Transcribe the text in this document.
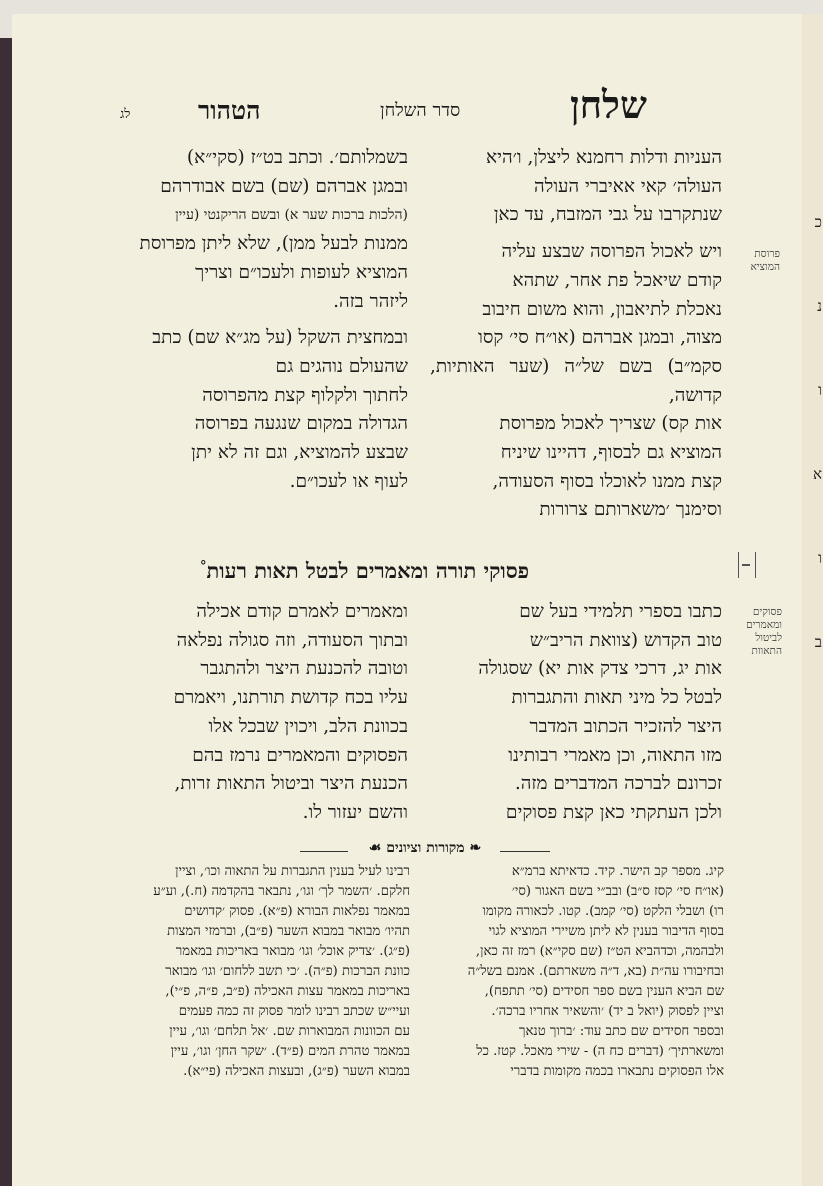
כ
נ
ו
א
ו
ב
שלחן
סדר השלחן
הטהור
לג
פרוסת המוציא
פסוקים ומאמרים לביטול התאוות

העניות ודלות רחמנא ליצלן, ו׳היא

העולה׳ קאי אאיברי העולה

שנתקרבו על גבי המזבח, עד כאן

ויש לאכול הפרוסה שבצע עליה

קודם שיאכל פת אחר, שתהא

נאכלת לתיאבון, והוא משום חיבוב

מצוה, ובמגן אברהם (או״ח סי׳ קסו

סקמ״ב) בשם של״ה (שער האותיות, קדושה,

אות קס) שצריך לאכול מפרוסת

המוציא גם לבסוף, דהיינו שיניח

קצת ממנו לאוכלו בסוף הסעודה,

וסימנך ׳משארותם צרורות

בשמלותם׳. וכתב בט״ז (סקי״א)

ובמגן אברהם (שם) בשם אבודרהם

(הלכות ברכות שער א) ובשם הריקנטי (עיין

ממנות לבעל ממן), שלא ליתן מפרוסת

המוציא לעופות ולעכו״ם וצריך

ליזהר בזה.

ובמחצית השקל (על מג״א שם) כתב

שהעולם נוהגים גם

לחתוך ולקלוף קצת מהפרוסה

הגדולה במקום שנגעה בפרוסה

שבצע להמוציא, וגם זה לא יתן

לעוף או לעכו״ם.

פסוקי תורה ומאמרים לבטל תאות רעות°

כתבו בספרי תלמידי בעל שם

טוב הקדוש (צוואת הריב״ש

אות יג, דרכי צדק אות יא) שסגולה

לבטל כל מיני תאות והתגברות

היצר להזכיר הכתוב המדבר

מזו התאוה, וכן מאמרי רבותינו

זכרונם לברכה המדברים מזה.

ולכן העתקתי כאן קצת פסוקים

ומאמרים לאמרם קודם אכילה

ובתוך הסעודה, וזה סגולה נפלאה

וטובה להכנעת היצר ולהתגבר

עליו בכח קדושת תורתנו, ויאמרם

בכוונת הלב, ויכוין שבכל אלו

הפסוקים והמאמרים נרמז בהם

הכנעת היצר וביטול התאות זרות,

והשם יעזור לו.

❧ מקורות וציונים ☙
קיג. מספר קב הישר. קיד. כדאיתא ברמ״א
(או״ח סי׳ קסז ס״ב) ובב״י בשם האגור (סי׳
רו) ושבלי הלקט (סי׳ קמב). קטו. לכאורה מקומו
בסוף הדיבור בענין לא ליתן משיירי המוציא לגוי
ולבהמה, וכדהביא הט״ז (שם סקי״א) רמז זה כאן,
ובחיבורו עה״ת (בא, ד״ה משארתם). אמנם בשל״ה
שם הביא הענין בשם ספר חסידים (סי׳ תתפח),
וציין לפסוק (יואל ב יד) ׳והשאיר אחריו ברכה׳.
ובספר חסידים שם כתב עוד: ׳ברוך טנאך
ומשארתיך׳ (דברים כח ה) - שירי מאכל. קטז. כל
אלו הפסוקים נתבארו בכמה מקומות בדברי
רבינו לעיל בענין התגברות על התאוה וכו׳, וציין
חלקם. ׳השמר לך׳ וגו׳, נתבאר בהקדמה (ח.), וע״ע
במאמר נפלאות הבורא (פ״א). פסוק ׳קדושים
תהיו׳ מבואר במבוא השער (פ״ב), וברמזי המצות
(פ״ג). ׳צדיק אוכל׳ וגו׳ מבואר באריכות במאמר
כוונת הברכות (פ״ה). ׳כי תשב ללחום׳ וגו׳ מבואר
באריכות במאמר עצות האכילה (פ״ב, פ״ה, פ״י),
ועיי״ש שכתב רבינו לומר פסוק זה כמה פעמים
עם הכוונות המבוארות שם. ׳אל תלחם׳ וגו׳, עיין
במאמר טהרת המים (פ״ד). ׳שקר החן׳ וגו׳, עיין
במבוא השער (פ״ג), ובעצות האכילה (פי״א).
